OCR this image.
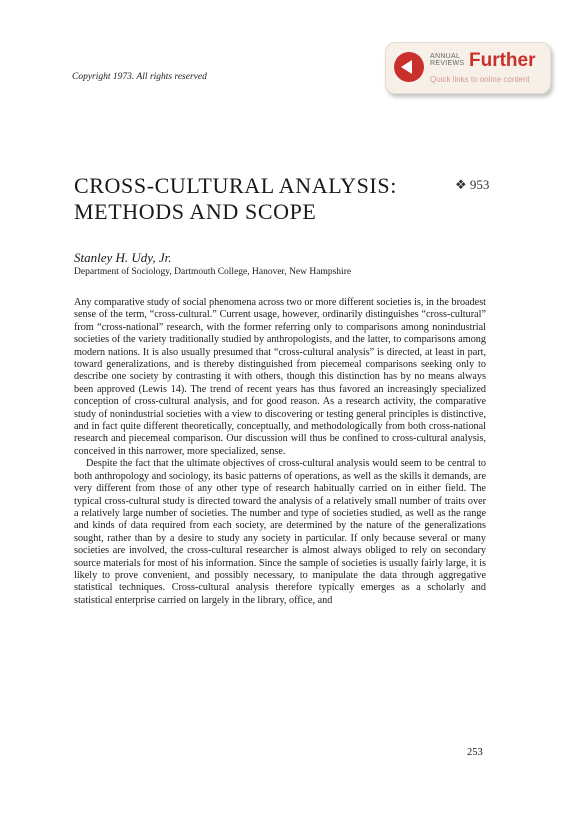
Copyright 1973. All rights reserved
ANNUAL
REVIEWS Further
Quick links to online content
CROSS-CULTURAL ANALYSIS:
METHODS AND SCOPE
❖ 953
Stanley H. Udy, Jr.
Department of Sociology, Dartmouth College, Hanover, New Hampshire

Any comparative study of social phenomena across two or more different societies is, in the broadest sense of the term, “cross-cultural.” Current usage, however, ordinarily distinguishes “cross-cultural” from “cross-national” research, with the former referring only to comparisons among nonindustrial societies of the variety traditionally studied by anthropologists, and the latter, to comparisons among modern nations. It is also usually presumed that “cross-cultural analysis” is directed, at least in part, toward generalizations, and is thereby distinguished from piecemeal comparisons seeking only to describe one society by contrasting it with others, though this distinction has by no means always been approved (Lewis 14). The trend of recent years has thus favored an increasingly specialized conception of cross-cultural analysis, and for good reason. As a research activity, the comparative study of nonindustrial societies with a view to discovering or testing general principles is distinctive, and in fact quite different theoretically, conceptually, and methodologically from both cross-national research and piecemeal comparison. Our discussion will thus be confined to cross-cultural analysis, conceived in this narrower, more specialized, sense.

Despite the fact that the ultimate objectives of cross-cultural analysis would seem to be central to both anthropology and sociology, its basic patterns of operations, as well as the skills it demands, are very different from those of any other type of research habitually carried on in either field. The typical cross-cultural study is directed toward the analysis of a relatively small number of traits over a relatively large number of societies. The number and type of societies studied, as well as the range and kinds of data required from each society, are determined by the nature of the generalizations sought, rather than by a desire to study any society in particular. If only because several or many societies are involved, the cross-cultural researcher is almost always obliged to rely on secondary source materials for most of his information. Since the sample of societies is usually fairly large, it is likely to prove convenient, and possibly necessary, to manipulate the data through aggregative statistical techniques. Cross-cultural analysis therefore typically emerges as a scholarly and statistical enterprise carried on largely in the library, office, and

253
